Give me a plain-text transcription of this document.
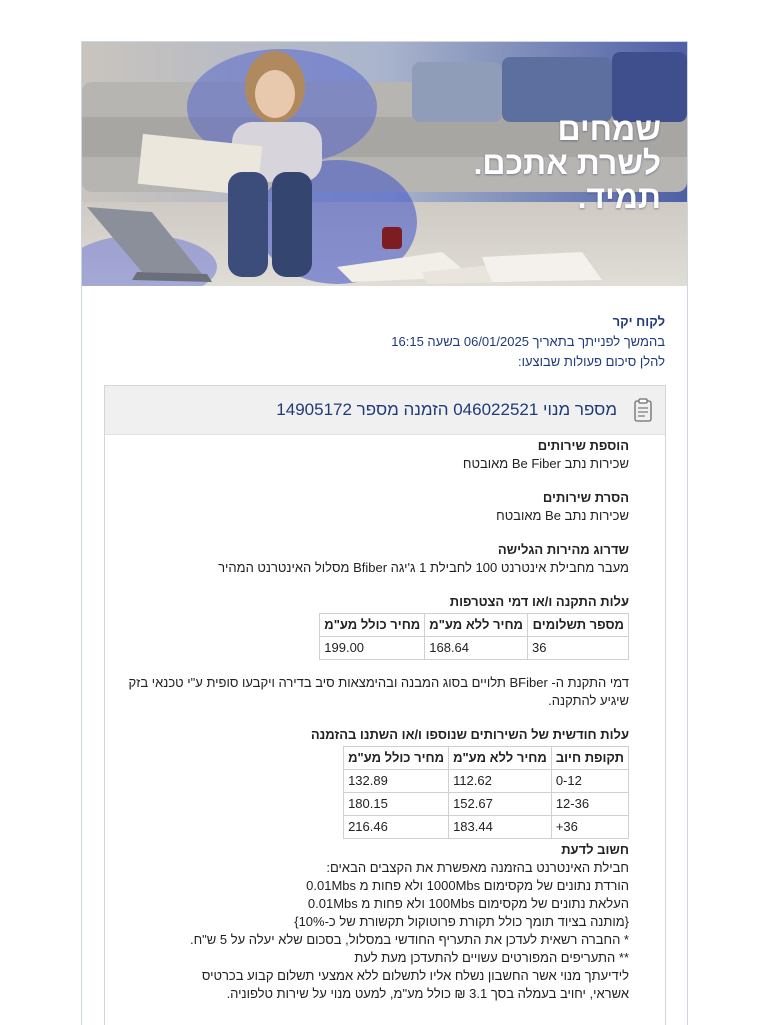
שמחים
לשרת אתכם.
תמיד.
לקוח יקר
בהמשך לפנייתך בתאריך 06/01/2025 בשעה 16:15
להלן סיכום פעולות שבוצעו:
מספר מנוי 046022521 הזמנה מספר 14905172
הוספת שירותים
שכירות נתב Be Fiber מאובטח
הסרת שירותים
שכירות נתב Be מאובטח
שדרוג מהירות הגלישה
מעבר מחבילת אינטרנט 100 לחבילת 1 ג'יגה Bfiber מסלול האינטרנט המהיר
עלות התקנה ו/או דמי הצטרפות
מספר תשלומים	מחיר ללא מע"מ	מחיר כולל מע"מ
36	168.64	199.00
דמי התקנת ה- BFiber תלויים בסוג המבנה ובהימצאות סיב בדירה ויקבעו סופית ע"י טכנאי בזק שיגיע להתקנה.
עלות חודשית של השירותים שנוספו ו/או השתנו בהזמנה
תקופת חיוב	מחיר ללא מע"מ	מחיר כולל מע"מ
0-12	112.62	132.89
12-36	152.67	180.15
36+	183.44	216.46
חשוב לדעת
חבילת האינטרנט בהזמנה מאפשרת את הקצבים הבאים:
הורדת נתונים של מקסימום 1000Mbs ולא פחות מ 0.01Mbs
העלאת נתונים של מקסימום 100Mbs ולא פחות מ 0.01Mbs
{מותנה בציוד תומך כולל תקורת פרוטוקול תקשורת של כ-10%}
* החברה רשאית לעדכן את התעריף החודשי במסלול, בסכום שלא יעלה על 5 ש"ח.
** התעריפים המפורטים עשויים להתעדכן מעת לעת
לידיעתך מנוי אשר החשבון נשלח אליו לתשלום ללא אמצעי תשלום קבוע בכרטיס
אשראי, יחויב בעמלה בסך 3.1 ₪ כולל מע"מ, למעט מנוי על שירות טלפוניה.
